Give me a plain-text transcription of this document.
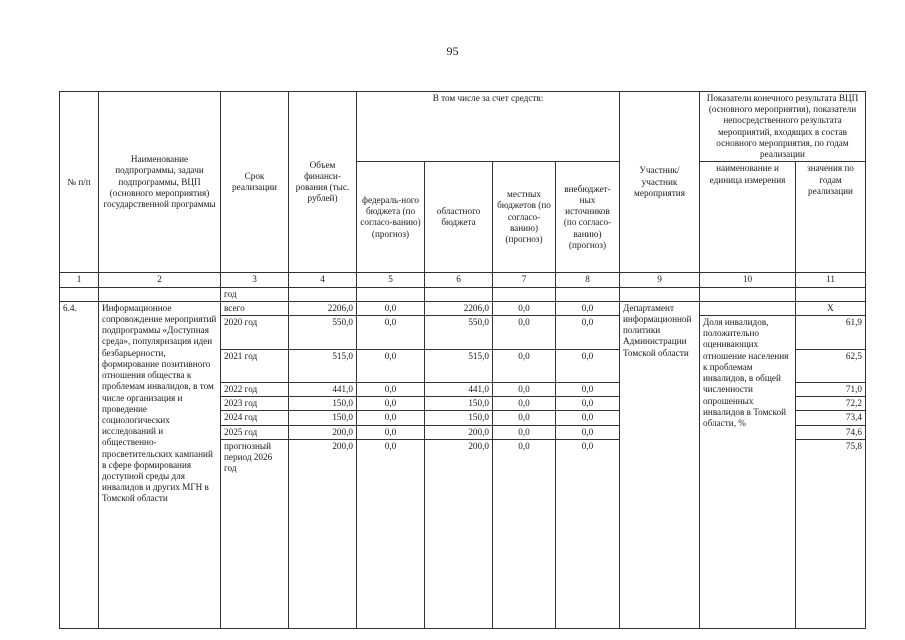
95
№ п/п	Наименование подпрограммы, задачи подпрограммы, ВЦП (основного мероприятия) государственной программы	Срок реализации	Объем финанси-рования (тыс. рублей)	В том числе за счет средств:				Участник/ участник мероприятия	Показатели конечного результата ВЦП (основного мероприятия), показатели непосредственного результата мероприятий, входящих в состав основного мероприятия, по годам реализации	
				федераль-ного бюджета (по согласо-ванию) (прогноз)	областного бюджета	местных бюджетов (по согласо-ванию) (прогноз)	внебюджет-ных источников (по согласо-ванию) (прогноз)		наименование и единица измерения	значения по годам реализации
1	2	3	4	5	6	7	8	9	10	11
		год								
6.4.	Информационное сопровождение мероприятий подпрограммы «Доступная среда», популяризация идеи безбарьерности, формирование позитивного отношения общества к проблемам инвалидов, в том числе организация и проведение социологических исследований и общественно-просветительских кампаний в сфере формирования доступной среды для инвалидов и других МГН в Томской области	всего	2206,0	0,0	2206,0	0,0	0,0	Департамент информационной политики Администрации Томской области		X
		2020 год	550,0	0,0	550,0	0,0	0,0		Доля инвалидов, положительно оценивающих отношение населения к проблемам инвалидов, в общей численности опрошенных инвалидов в Томской области, %	61,9
		2021 год	515,0	0,0	515,0	0,0	0,0			62,5
		2022 год	441,0	0,0	441,0	0,0	0,0			71,0
		2023 год	150,0	0,0	150,0	0,0	0,0			72,2
		2024 год	150,0	0,0	150,0	0,0	0,0			73,4
		2025 год	200,0	0,0	200,0	0,0	0,0			74,6
		прогнозный период 2026 год	200,0	0,0	200,0	0,0	0,0			75,8
